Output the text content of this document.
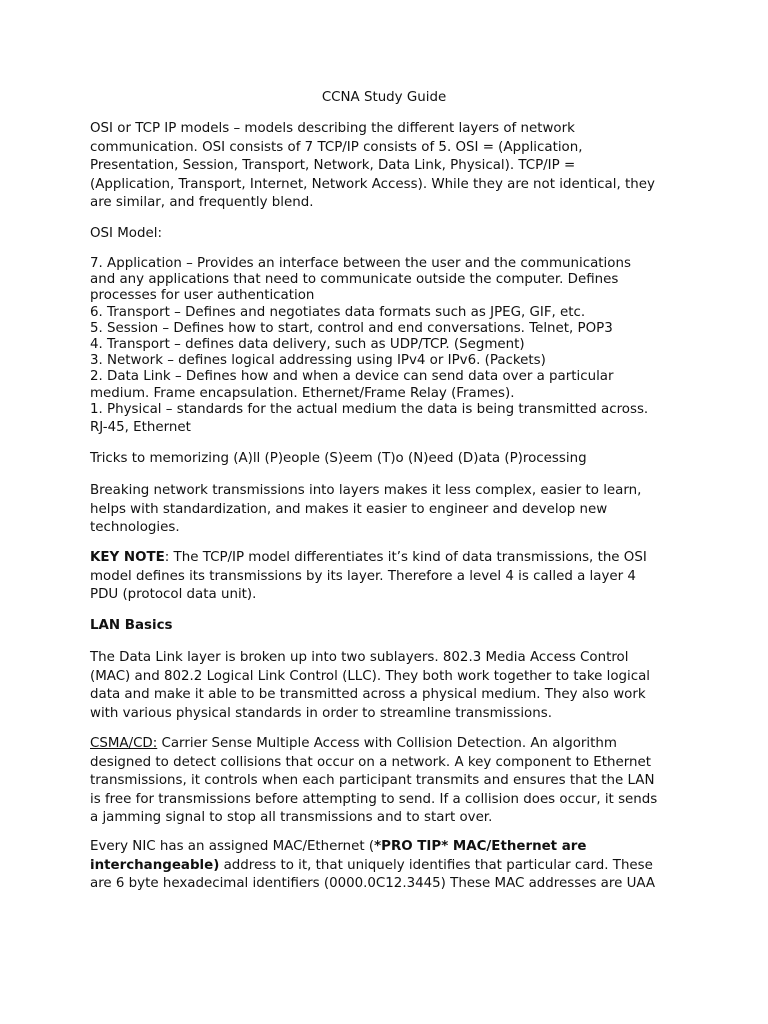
CCNA Study Guide
OSI or TCP IP models – models describing the different layers of network
communication. OSI consists of 7 TCP/IP consists of 5. OSI = (Application,
Presentation, Session, Transport, Network, Data Link, Physical). TCP/IP =
(Application, Transport, Internet, Network Access). While they are not identical, they
are similar, and frequently blend.
OSI Model:
7. Application – Provides an interface between the user and the communications
and any applications that need to communicate outside the computer. Defines
processes for user authentication
6. Transport – Defines and negotiates data formats such as JPEG, GIF, etc.
5. Session – Defines how to start, control and end conversations. Telnet, POP3
4. Transport – defines data delivery, such as UDP/TCP. (Segment)
3. Network – defines logical addressing using IPv4 or IPv6. (Packets)
2. Data Link – Defines how and when a device can send data over a particular
medium. Frame encapsulation. Ethernet/Frame Relay (Frames).
1. Physical – standards for the actual medium the data is being transmitted across.
RJ-45, Ethernet
Tricks to memorizing (A)ll (P)eople (S)eem (T)o (N)eed (D)ata (P)rocessing
Breaking network transmissions into layers makes it less complex, easier to learn,
helps with standardization, and makes it easier to engineer and develop new
technologies.
KEY NOTE: The TCP/IP model differentiates it’s kind of data transmissions, the OSI
model defines its transmissions by its layer. Therefore a level 4 is called a layer 4
PDU (protocol data unit).
LAN Basics
The Data Link layer is broken up into two sublayers. 802.3 Media Access Control
(MAC) and 802.2 Logical Link Control (LLC). They both work together to take logical
data and make it able to be transmitted across a physical medium. They also work
with various physical standards in order to streamline transmissions.
CSMA/CD: Carrier Sense Multiple Access with Collision Detection. An algorithm
designed to detect collisions that occur on a network. A key component to Ethernet
transmissions, it controls when each participant transmits and ensures that the LAN
is free for transmissions before attempting to send. If a collision does occur, it sends
a jamming signal to stop all transmissions and to start over.
Every NIC has an assigned MAC/Ethernet (*PRO TIP* MAC/Ethernet are
interchangeable) address to it, that uniquely identifies that particular card. These
are 6 byte hexadecimal identifiers (0000.0C12.3445) These MAC addresses are UAA
